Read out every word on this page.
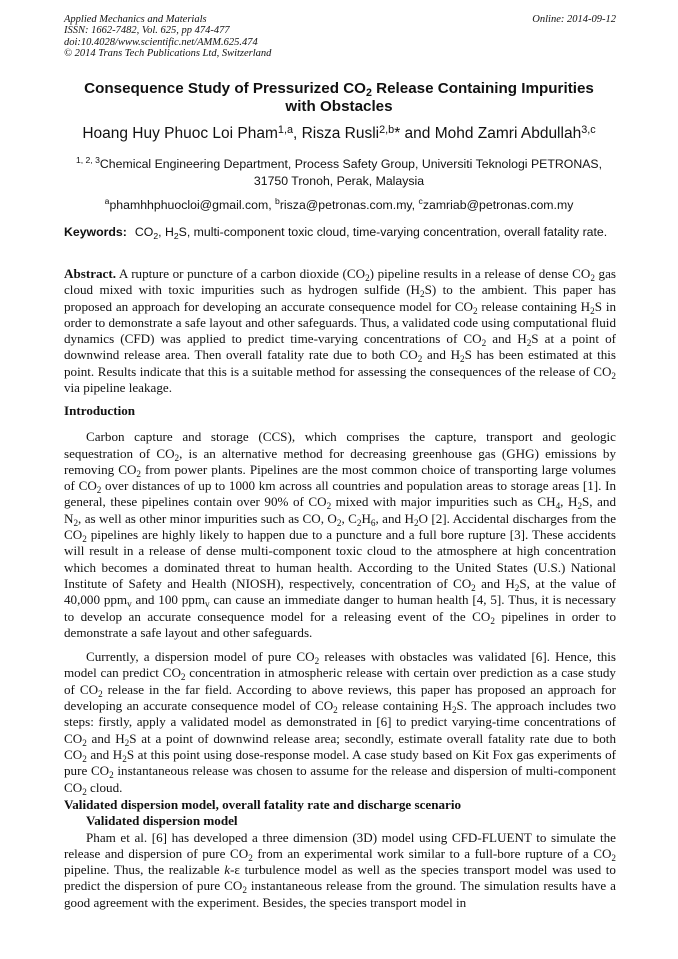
Applied Mechanics and Materials
ISSN: 1662-7482, Vol. 625, pp 474-477
doi:10.4028/www.scientific.net/AMM.625.474
© 2014 Trans Tech Publications Ltd, Switzerland
Online: 2014-09-12
Consequence Study of Pressurized $CO_2$ Release Containing Impurities
with Obstacles
Hoang Huy Phuoc Loi Pham$^{1,a}$, Risza Rusli$^{2,b}$* and Mohd Zamri Abdullah$^{3,c}$
$^{1, 2, 3}$Chemical Engineering Department, Process Safety Group, Universiti Teknologi PETRONAS,
31750 Tronoh, Perak, Malaysia
$^a$phamhhphuocloi@gmail.com, $^b$risza@petronas.com.my, $^c$zamriab@petronas.com.my
Keywords: $CO_2$, $H_2S$, multi-component toxic cloud, time-varying concentration, overall fatality rate.

Abstract. A rupture or puncture of a carbon dioxide $(CO_2)$ pipeline results in a release of dense $CO_2$ gas cloud mixed with toxic impurities such as hydrogen sulfide $(H_2S)$ to the ambient. This paper has proposed an approach for developing an accurate consequence model for $CO_2$ release containing $H_2S$ in order to demonstrate a safe layout and other safeguards. Thus, a validated code using computational fluid dynamics (CFD) was applied to predict time-varying concentrations of $CO_2$ and $H_2S$ at a point of downwind release area. Then overall fatality rate due to both $CO_2$ and $H_2S$ has been estimated at this point. Results indicate that this is a suitable method for assessing the consequences of the release of $CO_2$ via pipeline leakage.

Introduction

Carbon capture and storage (CCS), which comprises the capture, transport and geologic sequestration of $CO_2$, is an alternative method for decreasing greenhouse gas (GHG) emissions by removing $CO_2$ from power plants. Pipelines are the most common choice of transporting large volumes of $CO_2$ over distances of up to 1000 km across all countries and population areas to storage areas [1]. In general, these pipelines contain over 90% of $CO_2$ mixed with major impurities such as $CH_4$, $H_2S$, and $N_2$, as well as other minor impurities such as CO, $O_2$, $C_2H_6$, and $H_2O$ [2]. Accidental discharges from the $CO_2$ pipelines are highly likely to happen due to a puncture and a full bore rupture [3]. These accidents will result in a release of dense multi-component toxic cloud to the atmosphere at high concentration which becomes a dominated threat to human health. According to the United States (U.S.) National Institute of Safety and Health (NIOSH), respectively, concentration of $CO_2$ and $H_2S$, at the value of 40,000 ppm$_v$ and 100 ppm$_v$ can cause an immediate danger to human health [4, 5]. Thus, it is necessary to develop an accurate consequence model for a releasing event of the $CO_2$ pipelines in order to demonstrate a safe layout and other safeguards.

Currently, a dispersion model of pure $CO_2$ releases with obstacles was validated [6]. Hence, this model can predict $CO_2$ concentration in atmospheric release with certain over prediction as a case study of $CO_2$ release in the far field. According to above reviews, this paper has proposed an approach for developing an accurate consequence model of $CO_2$ release containing $H_2S$. The approach includes two steps: firstly, apply a validated model as demonstrated in [6] to predict varying-time concentrations of $CO_2$ and $H_2S$ at a point of downwind release area; secondly, estimate overall fatality rate due to both $CO_2$ and $H_2S$ at this point using dose-response model. A case study based on Kit Fox gas experiments of pure $CO_2$ instantaneous release was chosen to assume for the release and dispersion of multi-component $CO_2$ cloud.

Validated dispersion model, overall fatality rate and discharge scenario

Validated dispersion model

Pham et al. [6] has developed a three dimension (3D) model using CFD-FLUENT to simulate the release and dispersion of pure $CO_2$ from an experimental work similar to a full-bore rupture of a $CO_2$ pipeline. Thus, the realizable k-ε turbulence model as well as the species transport model was used to predict the dispersion of pure $CO_2$ instantaneous release from the ground. The simulation results have a good agreement with the experiment. Besides, the species transport model in
